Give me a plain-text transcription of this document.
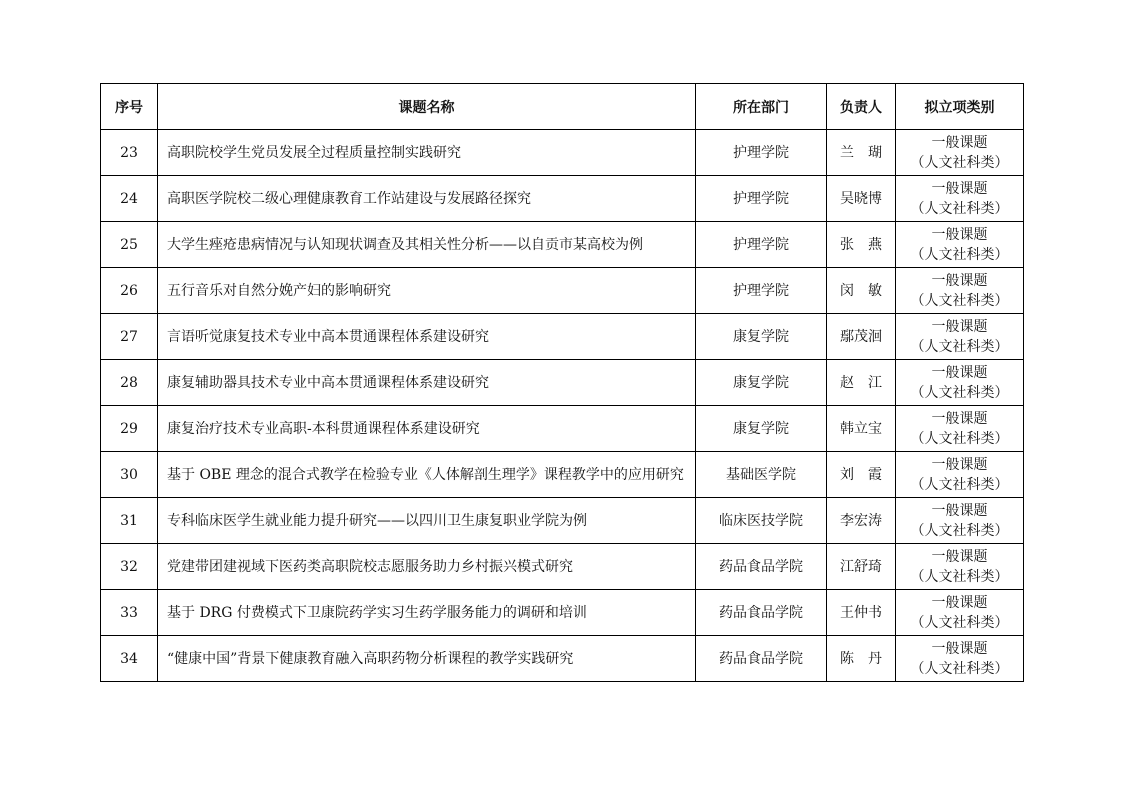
序号	课题名称	所在部门	负责人	拟立项类别
23	高职院校学生党员发展全过程质量控制实践研究	护理学院	兰　瑚	一般课题
（人文社科类）

24	高职医学院校二级心理健康教育工作站建设与发展路径探究	护理学院	吴晓博	一般课题
（人文社科类）

25	大学生痤疮患病情况与认知现状调查及其相关性分析——以自贡市某高校为例	护理学院	张　燕	一般课题
（人文社科类）

26	五行音乐对自然分娩产妇的影响研究	护理学院	闵　敏	一般课题
（人文社科类）

27	言语听觉康复技术专业中高本贯通课程体系建设研究	康复学院	鄢茂洄	一般课题
（人文社科类）

28	康复辅助器具技术专业中高本贯通课程体系建设研究	康复学院	赵　江	一般课题
（人文社科类）

29	康复治疗技术专业高职-本科贯通课程体系建设研究	康复学院	韩立宝	一般课题
（人文社科类）

30	基于 OBE 理念的混合式教学在检验专业《人体解剖生理学》课程教学中的应用研究	基础医学院	刘　霞	一般课题
（人文社科类）

31	专科临床医学生就业能力提升研究——以四川卫生康复职业学院为例	临床医技学院	李宏涛	一般课题
（人文社科类）

32	党建带团建视域下医药类高职院校志愿服务助力乡村振兴模式研究	药品食品学院	江舒琦	一般课题
（人文社科类）

33	基于 DRG 付费模式下卫康院药学实习生药学服务能力的调研和培训	药品食品学院	王仲书	一般课题
（人文社科类）

34	“健康中国”背景下健康教育融入高职药物分析课程的教学实践研究	药品食品学院	陈　丹	一般课题
（人文社科类）
